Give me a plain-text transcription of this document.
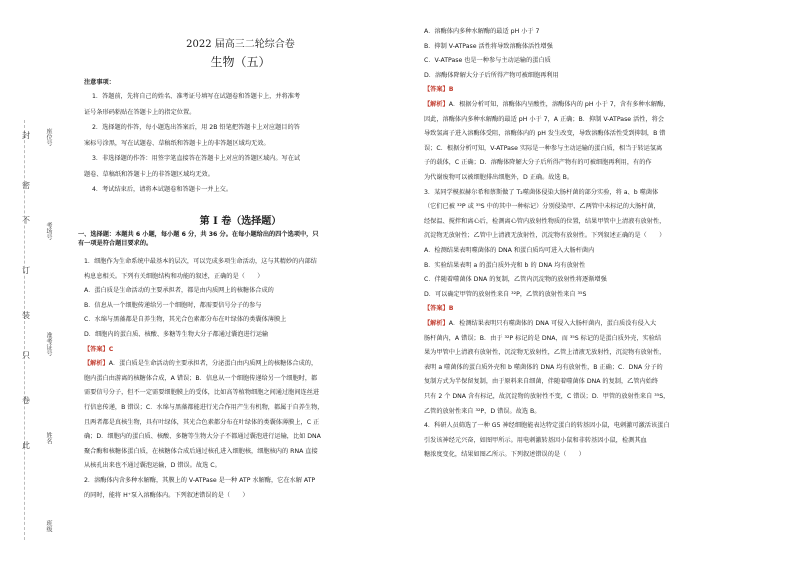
封
密
不
订
装
只
卷
此
座位号
考场号
准考证号
姓名
班级
2022 届高三二轮综合卷
生物（五）
注意事项：
1．答题前，先将自己的姓名、准考证号填写在试题卷和答题卡上，并将准考
证号条形码粘贴在答题卡上的指定位置。
2．选择题的作答，每小题选出答案后，用 2B 铅笔把答题卡上对应题目的答
案标号涂黑，写在试题卷、草稿纸和答题卡上的非答题区域均无效。
3．非选择题的作答：用签字笔直接答在答题卡上对应的答题区域内。写在试
题卷、草稿纸和答题卡上的非答题区域均无效。
4．考试结束后，请将本试题卷和答题卡一并上交。
第 Ⅰ 卷（选择题）
一、选择题：本题共 6 小题，每小题 6 分，共 36 分。在每小题给出的四个选项中，只
有一项是符合题目要求的。
1．细胞作为生命系统中最基本的层次，可以完成多项生命活动，这与其精妙的内部结
构息息相关。下列有关细胞结构和功能的叙述，正确的是（　　）
A．蛋白质是生命活动的主要承担者，都是由内质网上的核糖体合成的
B．信息从一个细胞传递给另一个细胞时，都需要信号分子的参与
C．水绵与黑藻都是自养生物，其光合色素都分布在叶绿体的类囊体薄膜上
D．细胞内的蛋白质、核酸、多糖等生物大分子都通过囊泡进行运输
【答案】C
【解析】A．蛋白质是生命活动的主要承担者，分泌蛋白由内质网上的核糖体合成的，
胞内蛋白由游离的核糖体合成，A 错误；B．信息从一个细胞传递给另一个细胞时，都
需要信号分子，但不一定需要细胞膜上的受体，比如高等植物细胞之间通过胞间连丝进
行信息传递，B 错误；C．水绵与黑藻都能进行光合作用产生有机物，都属于自养生物，
且两者都是真核生物，具有叶绿体，其光合色素都分布在叶绿体的类囊体薄膜上，C 正
确；D．细胞内的蛋白质、核酸、多糖等生物大分子不都通过囊泡进行运输，比如 DNA
聚合酶和核糖体蛋白质，在核糖体合成后通过核孔进入细胞核，细胞核内的 RNA 直接
从核孔出来也不通过囊泡运输，D 错误。故选 C。
2．溶酶体内含多种水解酶，其膜上的 V-ATPase 是一种 ATP 水解酶，它在水解 ATP
的同时，能将 H⁺泵入溶酶体内。下列叙述错误的是（　　）
A．溶酶体内多种水解酶的最适 pH 小于 7
B．抑制 V-ATPase 活性将导致溶酶体活性增强
C．V-ATPase 也是一种参与主动运输的蛋白质
D．溶酶体降解大分子后所得产物可被细胞再利用
【答案】B
【解析】A．根据分析可知，溶酶体内呈酸性，溶酶体内的 pH 小于 7，含有多种水解酶，
因此，溶酶体内多种水解酶的最适 pH 小于 7，A 正确；B．抑制 V-ATPase 活性，将会
导致氢离子进入溶酶体受阻，溶酶体内的 pH 发生改变，导致溶酶体活性受到抑制，B 错
误；C．根据分析可知，V-ATPase 实际是一种参与主动运输的蛋白质，相当于转运氢离
子的载体，C 正确；D．溶酶体降解大分子后所得产物有的可被细胞再利用，有的作
为代谢废物可以被细胞排出细胞外，D 正确。故选 B。
3．某同学模拟赫尔希和蔡斯做了 T₂噬菌体侵染大肠杆菌的部分实验，将 a、b 噬菌体
（它们已被 ³²P 或 ³⁵S 中的其中一种标记）分别侵染甲、乙两管中未标记的大肠杆菌，
经保温、搅拌和离心后，检测离心管内放射性物质的位置，结果甲管中上清液有放射性，
沉淀物无放射性；乙管中上清液无放射性，沉淀物有放射性。下列叙述正确的是（　　）
A．检测结果表明噬菌体的 DNA 和蛋白质均可进入大肠杆菌内
B．实验结果表明 a 的蛋白质外壳和 b 的 DNA 均有放射性
C．伴随着噬菌体 DNA 的复制，乙管内沉淀物的放射性将逐渐增强
D．可以确定甲管的放射性来自 ³²P，乙管的放射性来自 ³⁵S
【答案】B
【解析】A．检测结果表明只有噬菌体的 DNA 可侵入大肠杆菌内，蛋白质没有侵入大
肠杆菌内，A 错误；B．由于 ³²P 标记的是 DNA，而 ³⁵S 标记的是蛋白质外壳，实验结
果为甲管中上清液有放射性，沉淀物无放射性，乙管上清液无放射性，沉淀物有放射性，
表明 a 噬菌体的蛋白质外壳和 b 噬菌体的 DNA 均有放射性，B 正确；C．DNA 分子的
复制方式为半保留复制，由于原料来自细菌，伴随着噬菌体 DNA 的复制，乙管内始终
只有 2 个 DNA 含有标记，故沉淀物的放射性不变，C 错误；D．甲管的放射性来自 ³⁵S，
乙管的放射性来自 ³²P，D 错误。故选 B。
4．科研人员筛选了一种 G5 神经细胞能表达特定蛋白的转基因小鼠，电刺激可激活该蛋白
引发该神经元兴奋，如图甲所示。用电刺激转基因小鼠和非转基因小鼠，检测其血
糖浓度变化，结果如图乙所示。下列叙述错误的是（　　）
